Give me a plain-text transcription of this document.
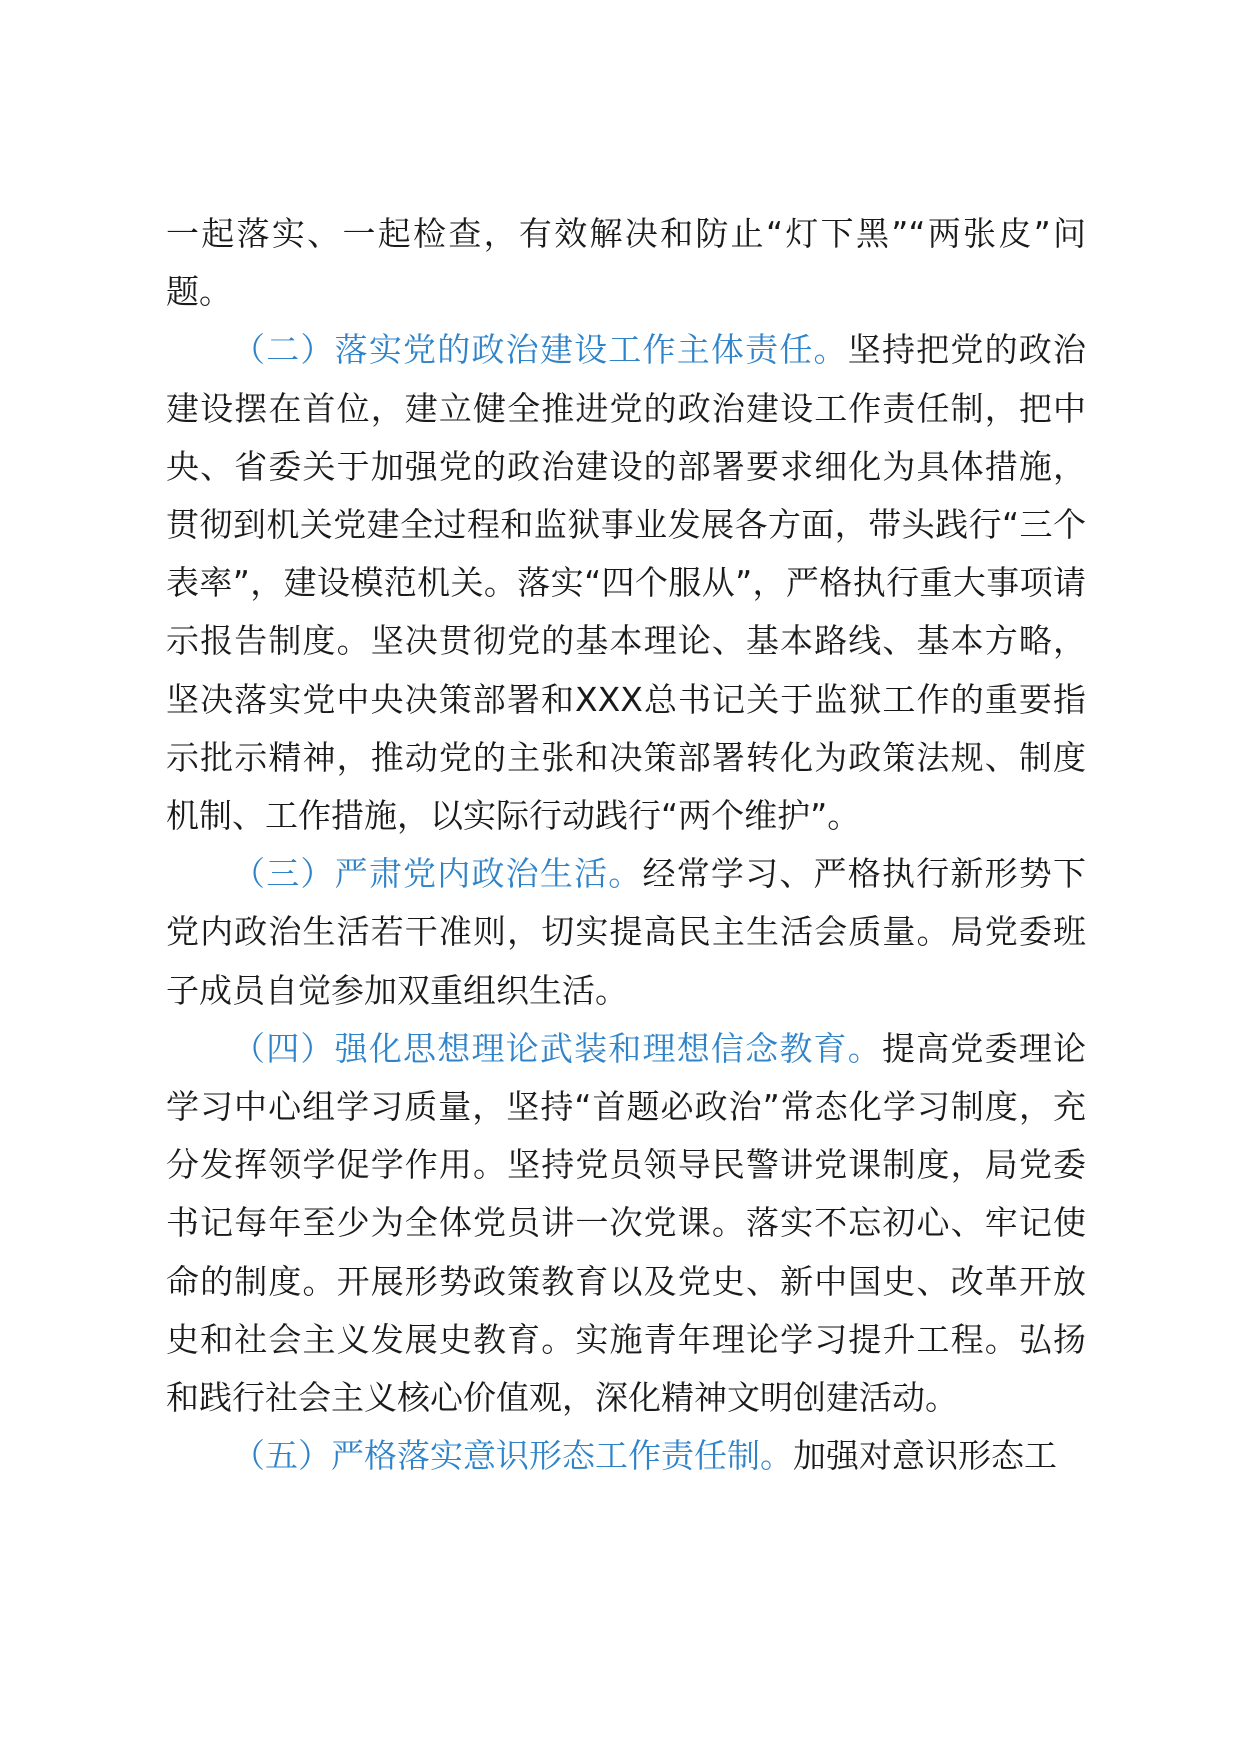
一起落实、一起检查，有效解决和防止“灯下黑”“两张皮”问题。

（二）落实党的政治建设工作主体责任。坚持把党的政治建设摆在首位，建立健全推进党的政治建设工作责任制，把中央、省委关于加强党的政治建设的部署要求细化为具体措施，贯彻到机关党建全过程和监狱事业发展各方面，带头践行“三个表率”，建设模范机关。落实“四个服从”，严格执行重大事项请示报告制度。坚决贯彻党的基本理论、基本路线、基本方略，坚决落实党中央决策部署和XXX总书记关于监狱工作的重要指示批示精神，推动党的主张和决策部署转化为政策法规、制度机制、工作措施，以实际行动践行“两个维护”。

（三）严肃党内政治生活。经常学习、严格执行新形势下党内政治生活若干准则，切实提高民主生活会质量。局党委班子成员自觉参加双重组织生活。

（四）强化思想理论武装和理想信念教育。提高党委理论学习中心组学习质量，坚持“首题必政治”常态化学习制度，充分发挥领学促学作用。坚持党员领导民警讲党课制度，局党委书记每年至少为全体党员讲一次党课。落实不忘初心、牢记使命的制度。开展形势政策教育以及党史、新中国史、改革开放史和社会主义发展史教育。实施青年理论学习提升工程。弘扬和践行社会主义核心价值观，深化精神文明创建活动。

（五）严格落实意识形态工作责任制。加强对意识形态工
